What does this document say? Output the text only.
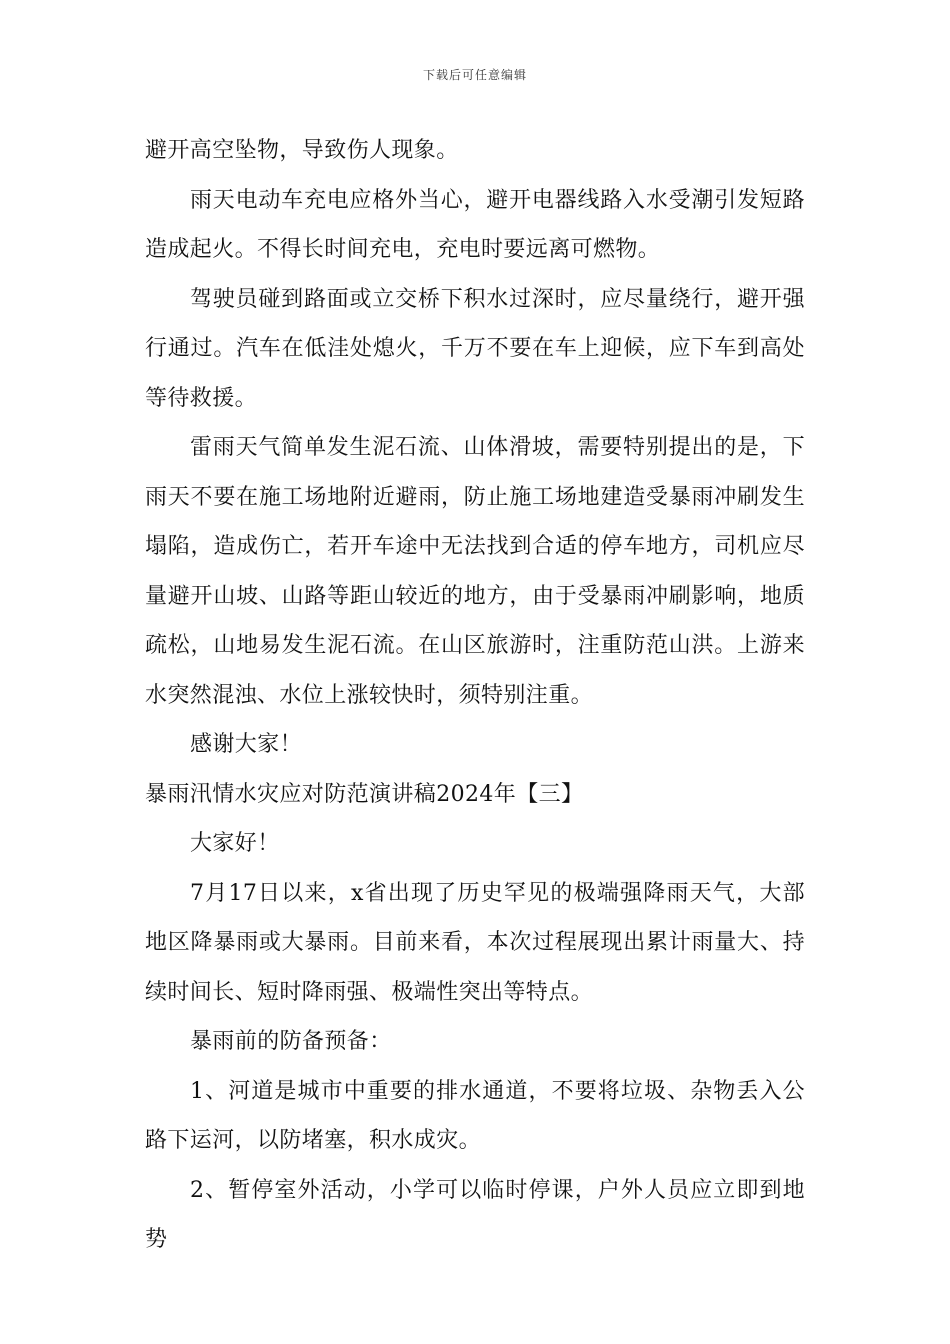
下载后可任意编辑

避开高空坠物，导致伤人现象。

雨天电动车充电应格外当心，避开电器线路入水受潮引发短路造成起火。不得长时间充电，充电时要远离可燃物。

驾驶员碰到路面或立交桥下积水过深时，应尽量绕行，避开强行通过。汽车在低洼处熄火，千万不要在车上迎候，应下车到高处等待救援。

雷雨天气简单发生泥石流、山体滑坡，需要特别提出的是，下雨天不要在施工场地附近避雨，防止施工场地建造受暴雨冲刷发生塌陷，造成伤亡，若开车途中无法找到合适的停车地方，司机应尽量避开山坡、山路等距山较近的地方，由于受暴雨冲刷影响，地质疏松，山地易发生泥石流。在山区旅游时，注重防范山洪。上游来水突然混浊、水位上涨较快时，须特别注重。

感谢大家！

暴雨汛情水灾应对防范演讲稿2024年【三】

大家好！

7月17日以来，x省出现了历史罕见的极端强降雨天气，大部地区降暴雨或大暴雨。目前来看，本次过程展现出累计雨量大、持续时间长、短时降雨强、极端性突出等特点。

暴雨前的防备预备：

1、河道是城市中重要的排水通道，不要将垃圾、杂物丢入公路下运河，以防堵塞，积水成灾。

2、暂停室外活动，小学可以临时停课，户外人员应立即到地势
